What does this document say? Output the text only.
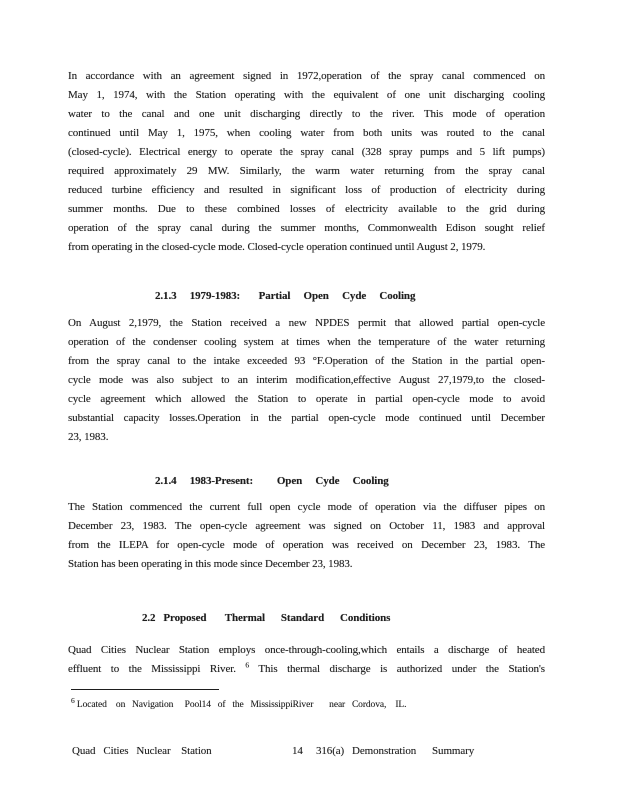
In accordance with an agreement signed in 1972,operation of the spray canal commenced on
May 1, 1974, with the Station operating with the equivalent of one unit discharging cooling
water to the canal and one unit discharging directly to the river. This mode of operation
continued until May 1, 1975, when cooling water from both units was routed to the canal
(closed-cycle). Electrical energy to operate the spray canal (328 spray pumps and 5 lift pumps)
required approximately 29 MW. Similarly, the warm water returning from the spray canal
reduced turbine efficiency and resulted in significant loss of production of electricity during
summer months. Due to these combined losses of electricity available to the grid during
operation of the spray canal during the summer months, Commonwealth Edison sought relief
from operating in the closed-cycle mode. Closed-cycle operation continued until August 2, 1979.
2.1.3     1979-1983:       Partial     Open     Cyde     Cooling
On August 2,1979, the Station received a new NPDES permit that allowed partial open-cycle
operation of the condenser cooling system at times when the temperature of the water returning
from the spray canal to the intake exceeded 93 °F.Operation of the Station in the partial open-
cycle mode was also subject to an interim modification,effective August 27,1979,to the closed-
cycle agreement which allowed the Station to operate in partial open-cycle mode to avoid
substantial capacity losses.Operation in the partial open-cycle mode continued until December
23, 1983.
2.1.4     1983-Present:         Open     Cyde     Cooling
The Station commenced the current full open cycle mode of operation via the diffuser pipes on
December 23, 1983. The open-cycle agreement was signed on October 11, 1983 and approval
from the ILEPA for open-cycle mode of operation was received on December 23, 1983. The
Station has been operating in this mode since December 23, 1983.
2.2   Proposed       Thermal      Standard      Conditions
Quad Cities Nuclear Station employs once-through-cooling,which entails a discharge of heated
effluent to the Mississippi River. $^6$ This thermal discharge is authorized under the Station's
$^6$ Located    on   Navigation     Pool14   of   the   MississippiRiver       near   Cordova,    IL.
Quad   Cities   Nuclear    Station	14 316(a)   Demonstration      Summary
